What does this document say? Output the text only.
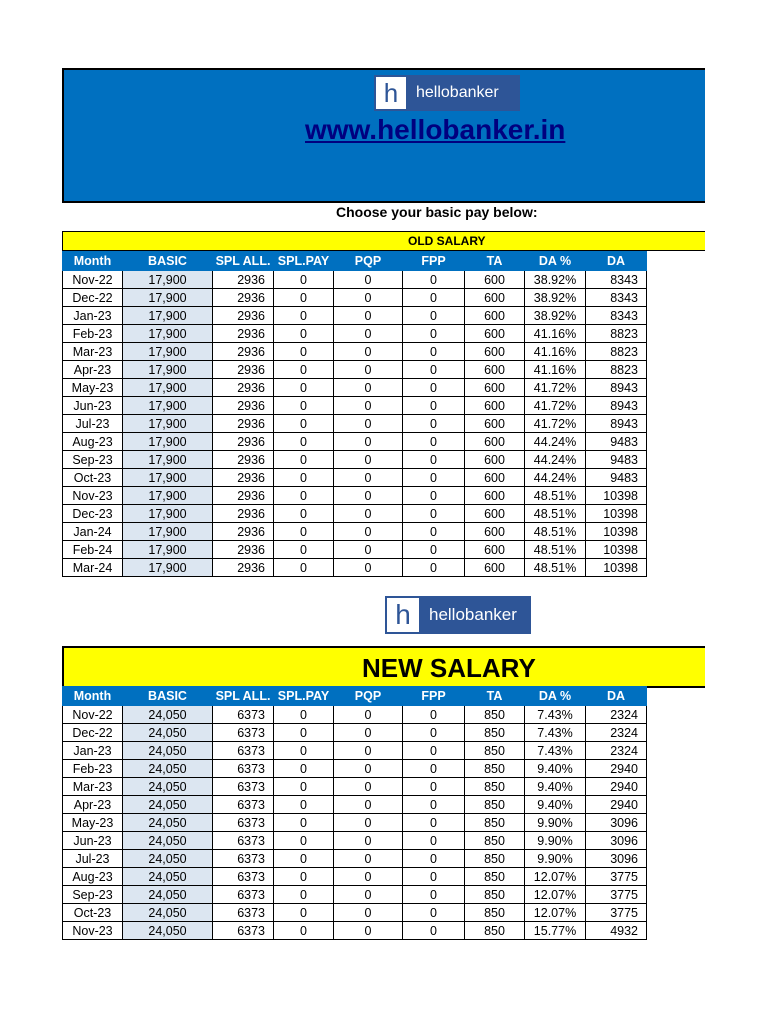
h	hellobanker
www.hellobanker.in
Choose your basic pay below:
OLD SALARY
Month	BASIC	SPL ALL.	SPL.PAY	PQP	FPP	TA	DA %	DA
Nov-22	17,900	2936	0	0	0	600	38.92%	8343
Dec-22	17,900	2936	0	0	0	600	38.92%	8343
Jan-23	17,900	2936	0	0	0	600	38.92%	8343
Feb-23	17,900	2936	0	0	0	600	41.16%	8823
Mar-23	17,900	2936	0	0	0	600	41.16%	8823
Apr-23	17,900	2936	0	0	0	600	41.16%	8823
May-23	17,900	2936	0	0	0	600	41.72%	8943
Jun-23	17,900	2936	0	0	0	600	41.72%	8943
Jul-23	17,900	2936	0	0	0	600	41.72%	8943
Aug-23	17,900	2936	0	0	0	600	44.24%	9483
Sep-23	17,900	2936	0	0	0	600	44.24%	9483
Oct-23	17,900	2936	0	0	0	600	44.24%	9483
Nov-23	17,900	2936	0	0	0	600	48.51%	10398
Dec-23	17,900	2936	0	0	0	600	48.51%	10398
Jan-24	17,900	2936	0	0	0	600	48.51%	10398
Feb-24	17,900	2936	0	0	0	600	48.51%	10398
Mar-24	17,900	2936	0	0	0	600	48.51%	10398
h	hellobanker
NEW SALARY
Month	BASIC	SPL ALL.	SPL.PAY	PQP	FPP	TA	DA %	DA
Nov-22	24,050	6373	0	0	0	850	7.43%	2324
Dec-22	24,050	6373	0	0	0	850	7.43%	2324
Jan-23	24,050	6373	0	0	0	850	7.43%	2324
Feb-23	24,050	6373	0	0	0	850	9.40%	2940
Mar-23	24,050	6373	0	0	0	850	9.40%	2940
Apr-23	24,050	6373	0	0	0	850	9.40%	2940
May-23	24,050	6373	0	0	0	850	9.90%	3096
Jun-23	24,050	6373	0	0	0	850	9.90%	3096
Jul-23	24,050	6373	0	0	0	850	9.90%	3096
Aug-23	24,050	6373	0	0	0	850	12.07%	3775
Sep-23	24,050	6373	0	0	0	850	12.07%	3775
Oct-23	24,050	6373	0	0	0	850	12.07%	3775
Nov-23	24,050	6373	0	0	0	850	15.77%	4932
